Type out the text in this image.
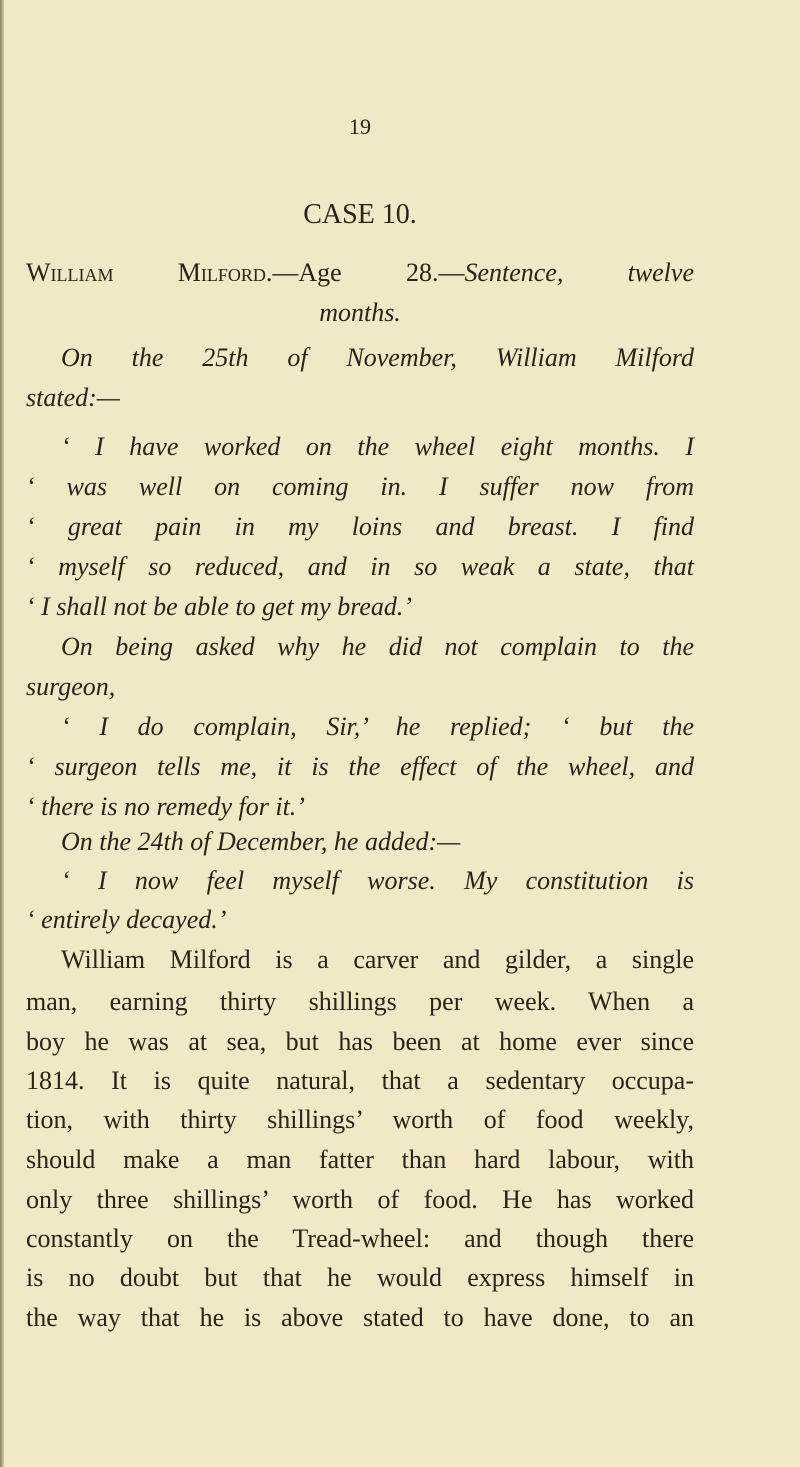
19
CASE 10.
William Milford.—Age 28.—Sentence, twelve
months.
On the 25th of November, William Milford
stated:—
‘ I have worked on the wheel eight months. I
‘ was well on coming in. I suffer now from
‘ great pain in my loins and breast. I find
‘ myself so reduced, and in so weak a state, that
‘ I shall not be able to get my bread.’
On being asked why he did not complain to the
surgeon,
‘ I do complain, Sir,’ he replied; ‘ but the
‘ surgeon tells me, it is the effect of the wheel, and
‘ there is no remedy for it.’
On the 24th of December, he added:—
‘ I now feel myself worse. My constitution is
‘ entirely decayed.’
William Milford is a carver and gilder, a single
man, earning thirty shillings per week. When a
boy he was at sea, but has been at home ever since
1814. It is quite natural, that a sedentary occupa-
tion, with thirty shillings’ worth of food weekly,
should make a man fatter than hard labour, with
only three shillings’ worth of food. He has worked
constantly on the Tread-wheel: and though there
is no doubt but that he would express himself in
the way that he is above stated to have done, to an
